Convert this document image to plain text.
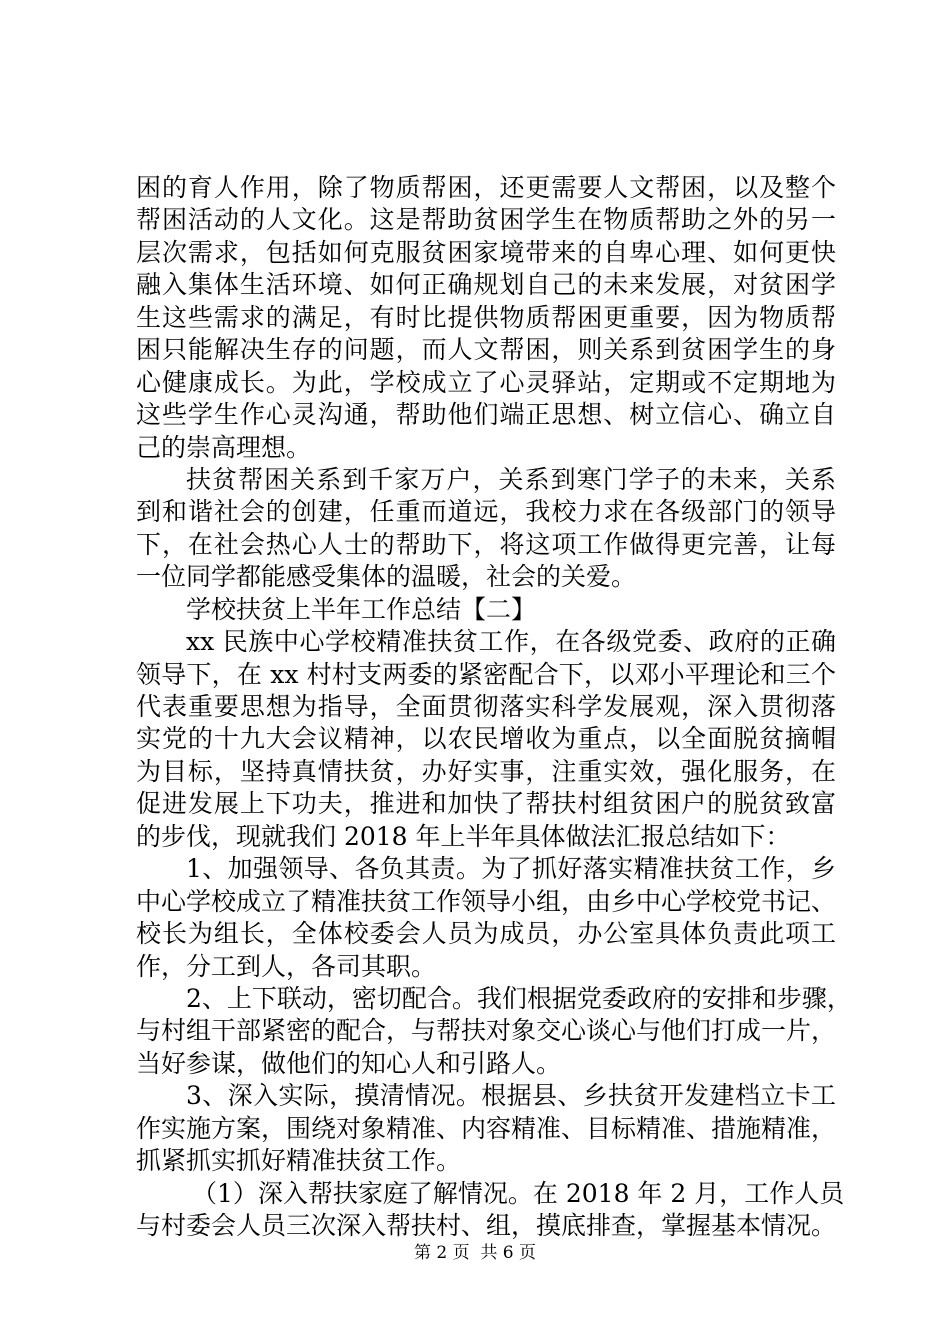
困的育人作用，除了物质帮困，还更需要人文帮困，以及整个
帮困活动的人文化。这是帮助贫困学生在物质帮助之外的另一
层次需求，包括如何克服贫困家境带来的自卑心理、如何更快
融入集体生活环境、如何正确规划自己的未来发展，对贫困学
生这些需求的满足，有时比提供物质帮困更重要，因为物质帮
困只能解决生存的问题，而人文帮困，则关系到贫困学生的身
心健康成长。为此，学校成立了心灵驿站，定期或不定期地为
这些学生作心灵沟通，帮助他们端正思想、树立信心、确立自
己的崇高理想。
扶贫帮困关系到千家万户，关系到寒门学子的未来，关系
到和谐社会的创建，任重而道远，我校力求在各级部门的领导
下，在社会热心人士的帮助下，将这项工作做得更完善，让每
一位同学都能感受集体的温暖，社会的关爱。
学校扶贫上半年工作总结【二】
xx 民族中心学校精准扶贫工作，在各级党委、政府的正确
领导下，在 xx 村村支两委的紧密配合下，以邓小平理论和三个
代表重要思想为指导，全面贯彻落实科学发展观，深入贯彻落
实党的十九大会议精神，以农民增收为重点，以全面脱贫摘帽
为目标，坚持真情扶贫，办好实事，注重实效，强化服务，在
促进发展上下功夫，推进和加快了帮扶村组贫困户的脱贫致富
的步伐，现就我们 2018 年上半年具体做法汇报总结如下：
1、加强领导、各负其责。为了抓好落实精准扶贫工作，乡
中心学校成立了精准扶贫工作领导小组，由乡中心学校党书记、
校长为组长，全体校委会人员为成员，办公室具体负责此项工
作，分工到人，各司其职。
2、上下联动，密切配合。我们根据党委政府的安排和步骤，
与村组干部紧密的配合，与帮扶对象交心谈心与他们打成一片，
当好参谋，做他们的知心人和引路人。
3、深入实际，摸清情况。根据县、乡扶贫开发建档立卡工
作实施方案，围绕对象精准、内容精准、目标精准、措施精准，
抓紧抓实抓好精准扶贫工作。
（1）深入帮扶家庭了解情况。在 2018 年 2 月，工作人员
与村委会人员三次深入帮扶村、组，摸底排查，掌握基本情况。
第 2 页  共 6 页
